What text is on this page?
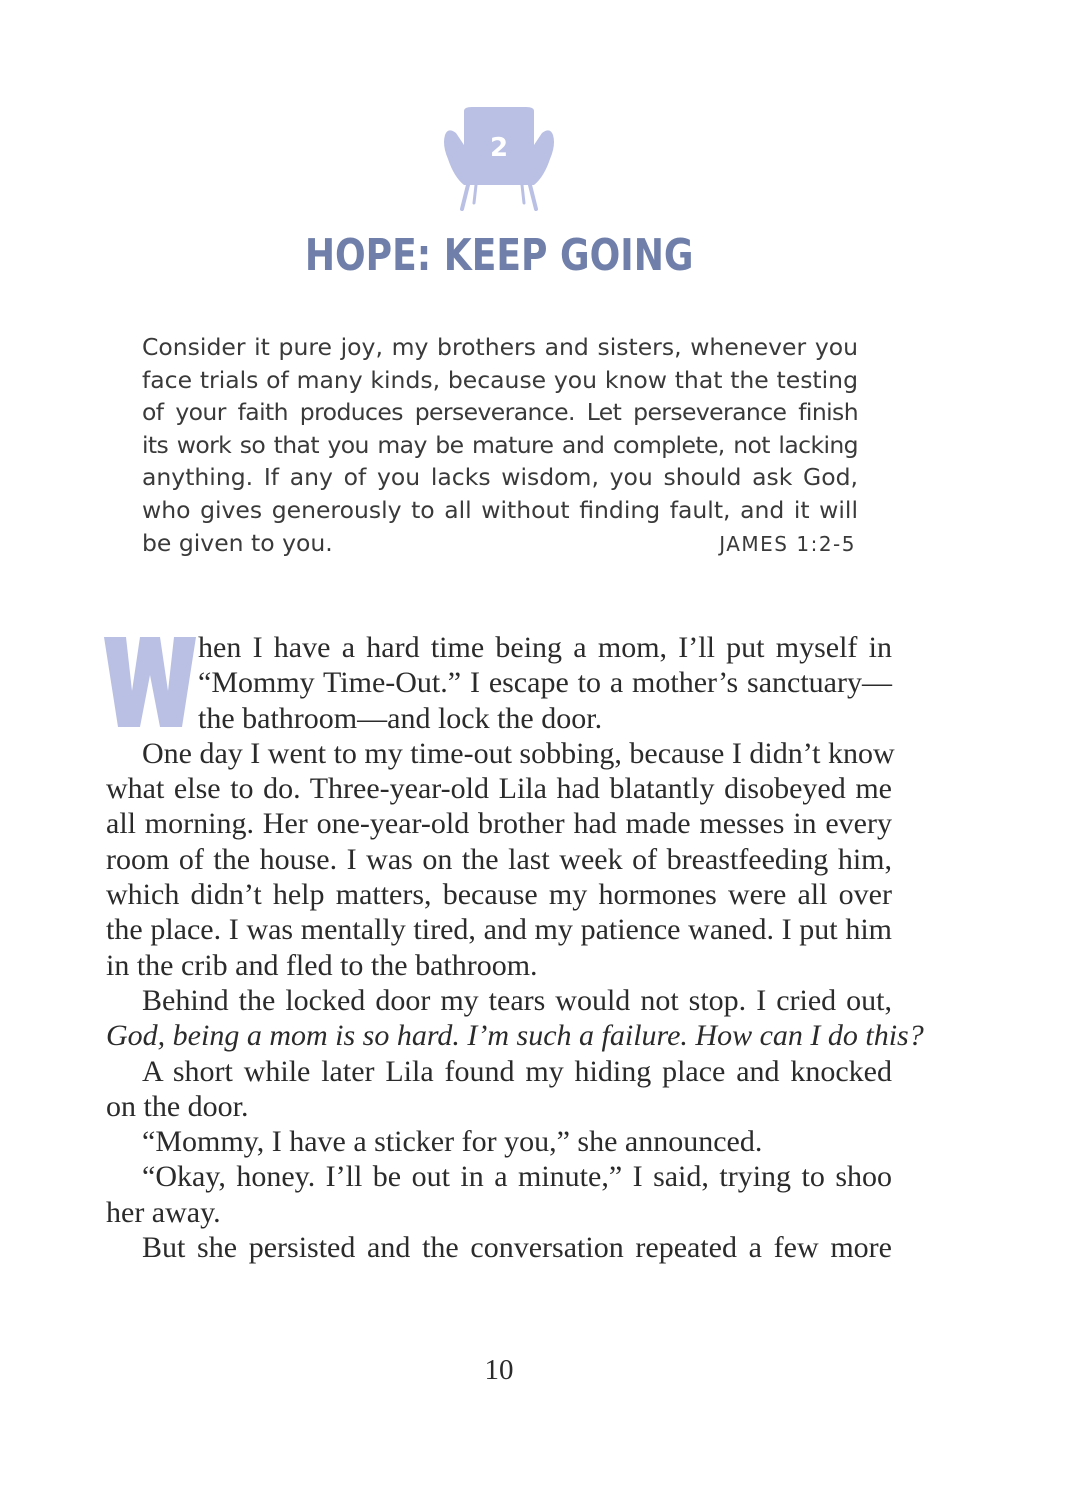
2
HOPE: KEEP GOING
Consider it pure joy, my brothers and sisters, whenever you
face trials of many kinds, because you know that the testing
of your faith produces perseverance. Let perseverance finish
its work so that you may be mature and complete, not lacking
anything. If any of you lacks wisdom, you should ask God,
who gives generously to all without finding fault, and it will
be given to you.	JAMES 1:2-5
hen I have a hard time being a mom, I’ll put myself in
“Mommy Time-Out.” I escape to a mother’s sanctuary—
the bathroom—and lock the door.
One day I went to my time-out sobbing, because I didn’t know
what else to do. Three-year-old Lila had blatantly disobeyed me
all morning. Her one-year-old brother had made messes in every
room of the house. I was on the last week of breastfeeding him,
which didn’t help matters, because my hormones were all over
the place. I was mentally tired, and my patience waned. I put him
in the crib and fled to the bathroom.
Behind the locked door my tears would not stop. I cried out,
God, being a mom is so hard. I’m such a failure. How can I do this?
A short while later Lila found my hiding place and knocked
on the door.
“Mommy, I have a sticker for you,” she announced.
“Okay, honey. I’ll be out in a minute,” I said, trying to shoo
her away.
But she persisted and the conversation repeated a few more
10
